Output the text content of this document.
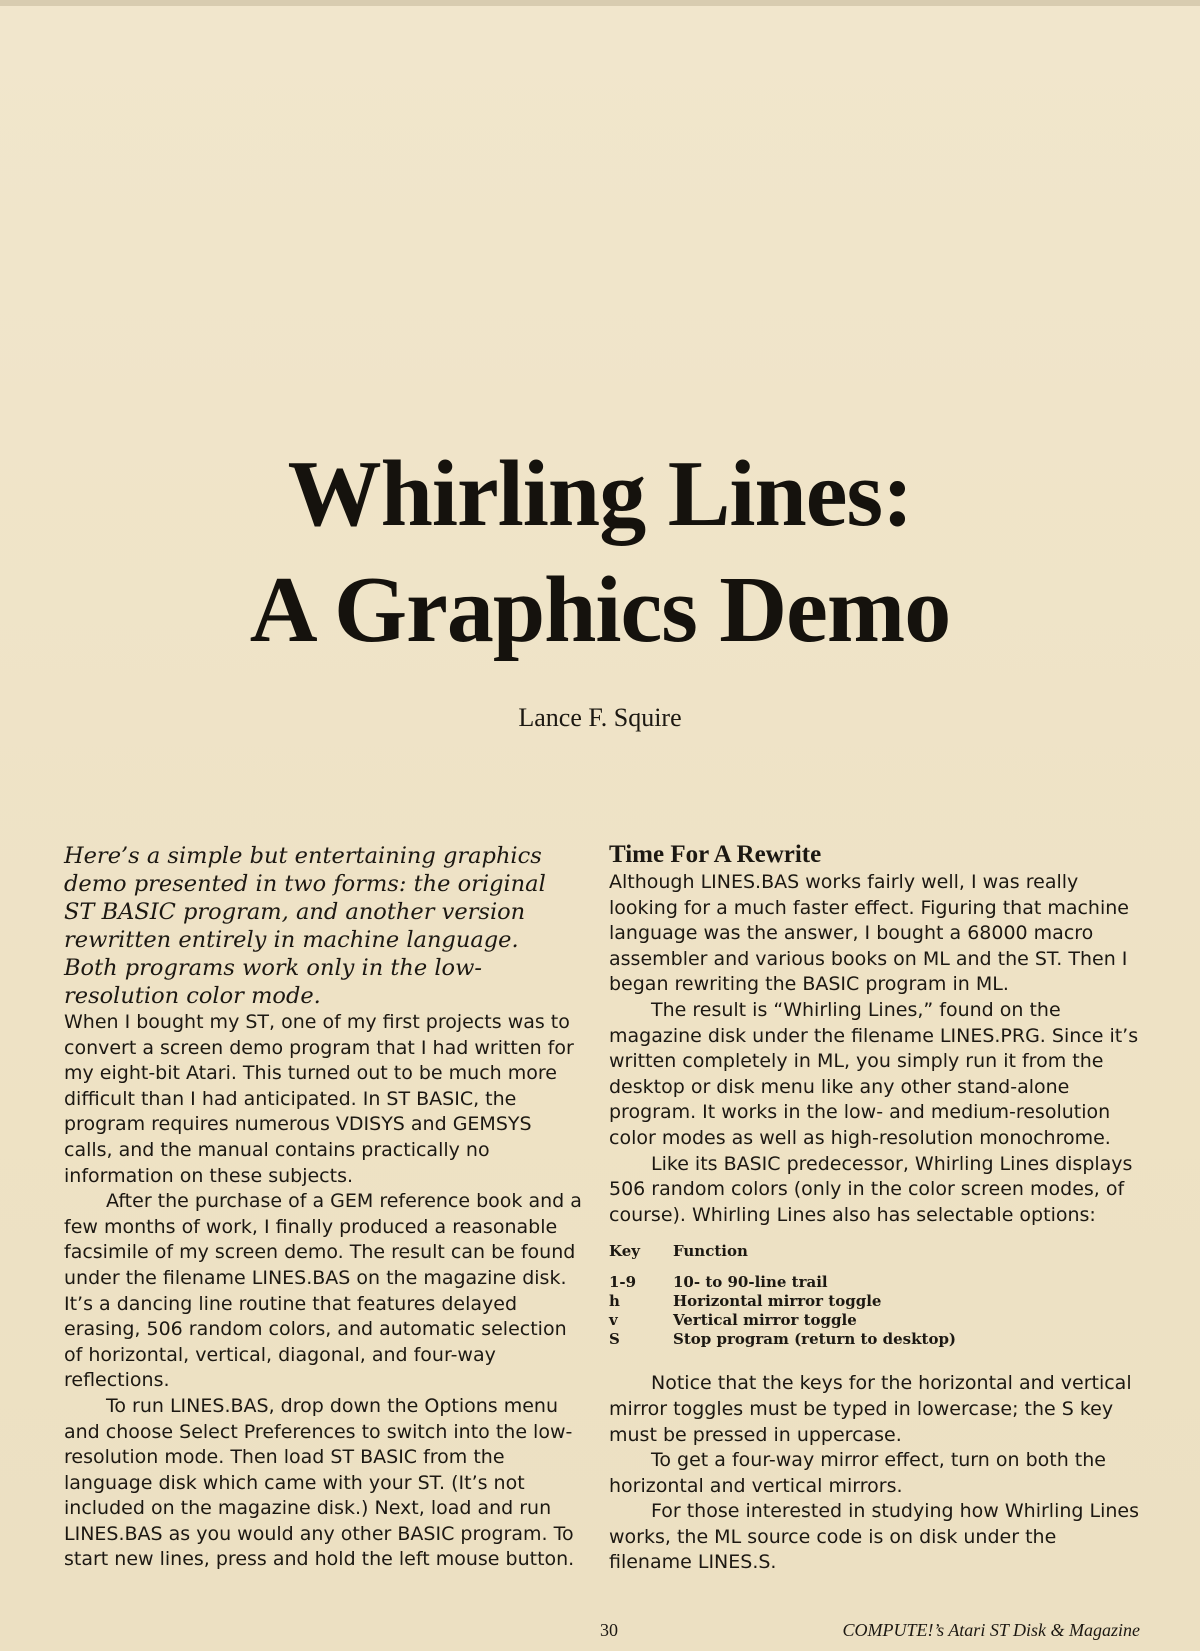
Whirling Lines:
A Graphics Demo
Lance F. Squire

Here’s a simple but entertaining graphics demo presented in two forms: the original ST BASIC program, and another version rewritten entirely in machine language. Both programs work only in the low-resolution color mode.

When I bought my ST, one of my first projects was to convert a screen demo program that I had written for my eight-bit Atari. This turned out to be much more difficult than I had anticipated. In ST BASIC, the program requires numerous VDISYS and GEMSYS calls, and the manual contains practically no information on these subjects.

After the purchase of a GEM reference book and a few months of work, I finally produced a reasonable facsimile of my screen demo. The result can be found under the filename LINES.BAS on the magazine disk. It’s a dancing line routine that features delayed erasing, 506 random colors, and automatic selection of horizontal, vertical, diagonal, and four-way reflections.

To run LINES.BAS, drop down the Options menu and choose Select Preferences to switch into the low-resolution mode. Then load ST BASIC from the language disk which came with your ST. (It’s not included on the magazine disk.) Next, load and run LINES.BAS as you would any other BASIC program. To start new lines, press and hold the left mouse button.

Time For A Rewrite

Although LINES.BAS works fairly well, I was really looking for a much faster effect. Figuring that machine language was the answer, I bought a 68000 macro assembler and various books on ML and the ST. Then I began rewriting the BASIC program in ML.

The result is “Whirling Lines,” found on the magazine disk under the filename LINES.PRG. Since it’s written completely in ML, you simply run it from the desktop or disk menu like any other stand-alone program. It works in the low- and medium-resolution color modes as well as high-resolution monochrome.

Like its BASIC predecessor, Whirling Lines displays 506 random colors (only in the color screen modes, of course). Whirling Lines also has selectable options:

Key	Function
1-9	10- to 90-line trail
h	Horizontal mirror toggle
v	Vertical mirror toggle
S	Stop program (return to desktop)

Notice that the keys for the horizontal and vertical mirror toggles must be typed in lowercase; the S key must be pressed in uppercase.

To get a four-way mirror effect, turn on both the horizontal and vertical mirrors.

For those interested in studying how Whirling Lines works, the ML source code is on disk under the filename LINES.S.

30	COMPUTE!’s Atari ST Disk & Magazine
